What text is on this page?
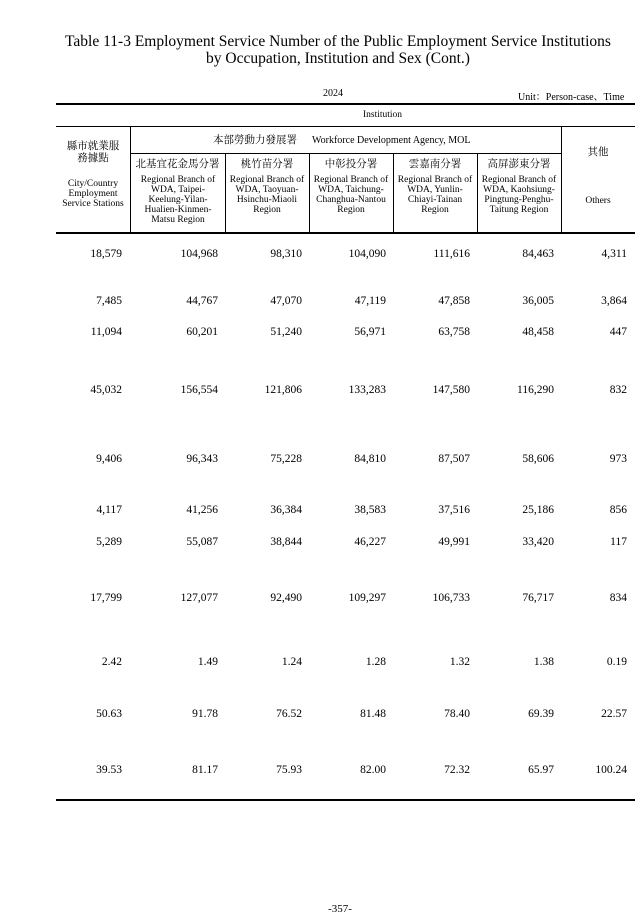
Table 11-3 Employment Service Number of the Public Employment Service Institutions
by Occupation, Institution and Sex (Cont.)
2024	Unit：Person-case、Time
Institution
本部勞動力發展署	Workforce Development Agency, MOL
縣市就業服務據點
City/Country Employment Service Stations
其他
Others
北基宜花金馬分署
Regional Branch of WDA, Taipei-Keelung-Yilan-Hualien-Kinmen-Matsu Region
桃竹苗分署
Regional Branch of WDA, Taoyuan-Hsinchu-Miaoli Region
中彰投分署
Regional Branch of WDA, Taichung-Changhua-Nantou Region
雲嘉南分署
Regional Branch of WDA, Yunlin-Chiayi-Tainan Region
高屏澎東分署
Regional Branch of WDA, Kaohsiung-Pingtung-Penghu-Taitung Region
18,579	104,968	98,310	104,090	111,616	84,463	4,311
7,485	44,767	47,070	47,119	47,858	36,005	3,864
11,094	60,201	51,240	56,971	63,758	48,458	447
45,032	156,554	121,806	133,283	147,580	116,290	832
9,406	96,343	75,228	84,810	87,507	58,606	973
4,117	41,256	36,384	38,583	37,516	25,186	856
5,289	55,087	38,844	46,227	49,991	33,420	117
17,799	127,077	92,490	109,297	106,733	76,717	834
2.42	1.49	1.24	1.28	1.32	1.38	0.19
50.63	91.78	76.52	81.48	78.40	69.39	22.57
39.53	81.17	75.93	82.00	72.32	65.97	100.24
-357-
